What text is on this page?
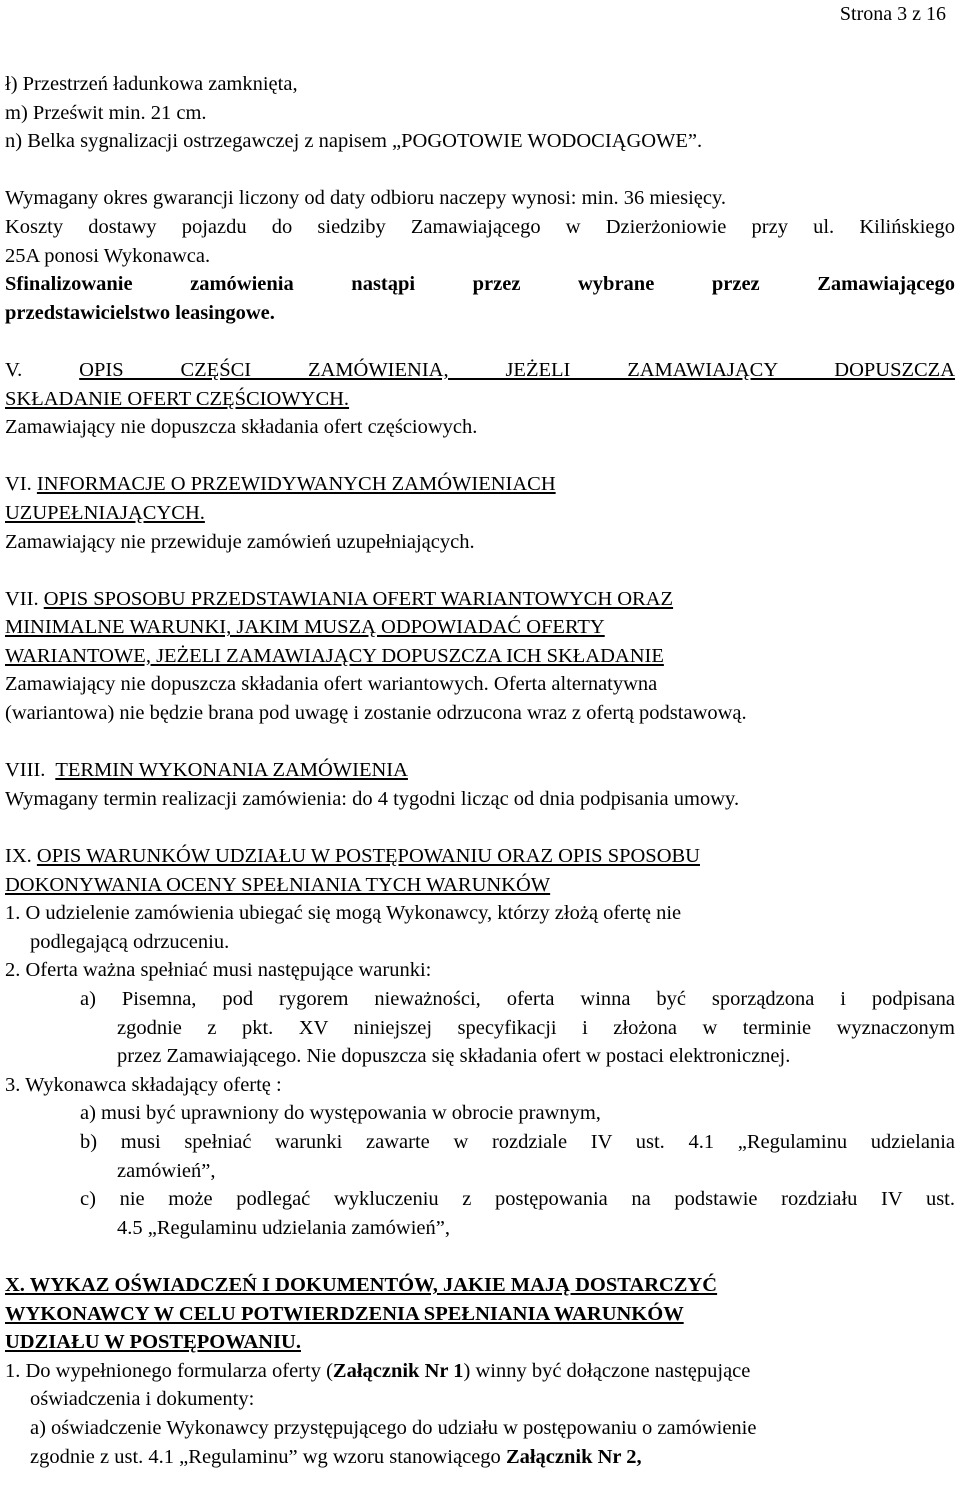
Strona 3 z 16
ł) Przestrzeń ładunkowa zamknięta,
m) Prześwit min. 21 cm.
n) Belka sygnalizacji ostrzegawczej z napisem „POGOTOWIE WODOCIĄGOWE”.
Wymagany okres gwarancji liczony od daty odbioru naczepy wynosi: min. 36 miesięcy.
Koszty dostawy pojazdu do siedziby Zamawiającego w Dzierżoniowie przy ul. Kilińskiego
25A ponosi Wykonawca.
Sfinalizowanie zamówienia nastąpi przez wybrane przez Zamawiającego
przedstawicielstwo leasingowe.
V.	OPIS CZĘŚCI ZAMÓWIENIA, JEŻELI ZAMAWIAJĄCY DOPUSZCZA
SKŁADANIE OFERT CZĘŚCIOWYCH.
Zamawiający nie dopuszcza składania ofert częściowych.
VI. INFORMACJE O PRZEWIDYWANYCH ZAMÓWIENIACH
UZUPEŁNIAJĄCYCH.
Zamawiający nie przewiduje zamówień uzupełniających.
VII. OPIS SPOSOBU PRZEDSTAWIANIA OFERT WARIANTOWYCH ORAZ
MINIMALNE WARUNKI, JAKIM MUSZĄ ODPOWIADAĆ OFERTY
WARIANTOWE, JEŻELI ZAMAWIAJĄCY DOPUSZCZA ICH SKŁADANIE
Zamawiający nie dopuszcza składania ofert wariantowych. Oferta alternatywna
(wariantowa) nie będzie brana pod uwagę i zostanie odrzucona wraz z ofertą podstawową.
VIII. TERMIN WYKONANIA ZAMÓWIENIA
Wymagany termin realizacji zamówienia: do 4 tygodni licząc od dnia podpisania umowy.
IX. OPIS WARUNKÓW UDZIAŁU W POSTĘPOWANIU ORAZ OPIS SPOSOBU
DOKONYWANIA OCENY SPEŁNIANIA TYCH WARUNKÓW
1. O udzielenie zamówienia ubiegać się mogą Wykonawcy, którzy złożą ofertę nie
podlegającą odrzuceniu.
2. Oferta ważna spełniać musi następujące warunki:
a) Pisemna, pod rygorem nieważności, oferta winna być sporządzona i podpisana
zgodnie z pkt. XV niniejszej specyfikacji i złożona w terminie wyznaczonym
przez Zamawiającego. Nie dopuszcza się składania ofert w postaci elektronicznej.
3. Wykonawca składający ofertę :
a) musi być uprawniony do występowania w obrocie prawnym,
b) musi spełniać warunki zawarte w rozdziale IV ust. 4.1 „Regulaminu udzielania
zamówień”,
c) nie może podlegać wykluczeniu z postępowania na podstawie rozdziału IV ust.
4.5 „Regulaminu udzielania zamówień”,
X. WYKAZ OŚWIADCZEŃ I DOKUMENTÓW, JAKIE MAJĄ DOSTARCZYĆ
WYKONAWCY W CELU POTWIERDZENIA SPEŁNIANIA WARUNKÓW
UDZIAŁU W POSTĘPOWANIU.
1. Do wypełnionego formularza oferty (Załącznik Nr 1) winny być dołączone następujące
oświadczenia i dokumenty:
a) oświadczenie Wykonawcy przystępującego do udziału w postępowaniu o zamówienie
zgodnie z ust. 4.1 „Regulaminu” wg wzoru stanowiącego Załącznik Nr 2,
